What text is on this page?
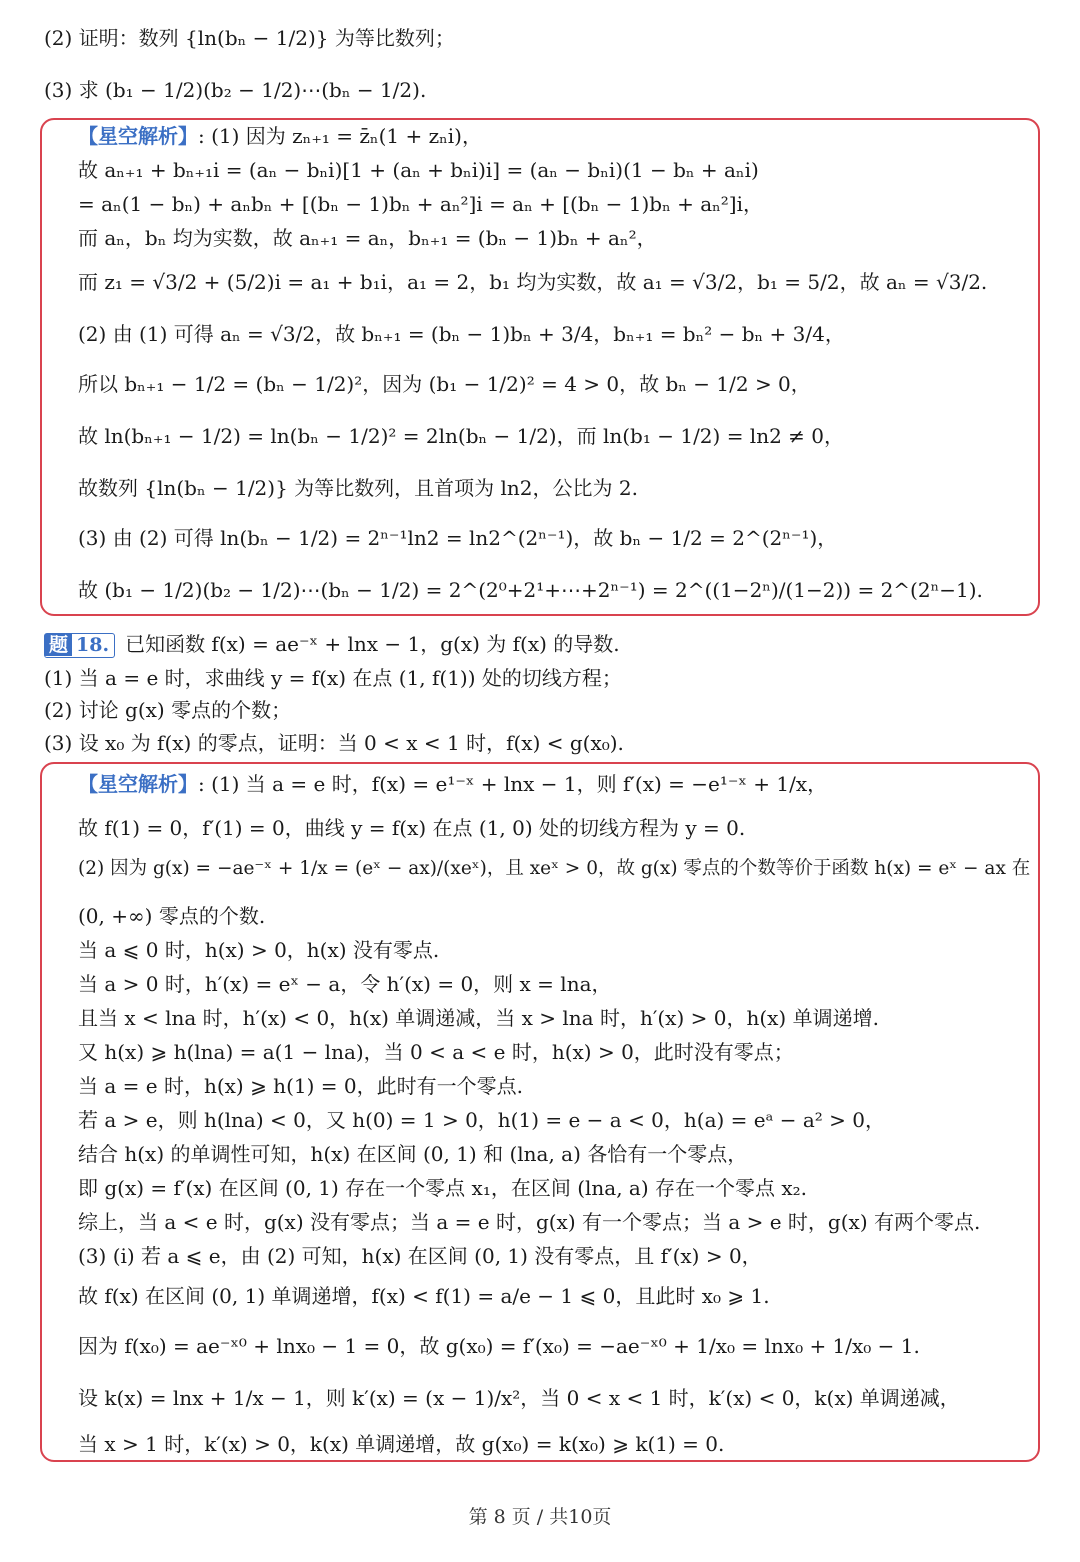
(2) 证明：数列 {ln(bₙ − 1/2)} 为等比数列；
(3) 求 (b₁ − 1/2)(b₂ − 1/2)⋯(bₙ − 1/2).
【星空解析】: (1) 因为 zₙ₊₁ = z̄ₙ(1 + zₙi)，
故 aₙ₊₁ + bₙ₊₁i = (aₙ − bₙi)[1 + (aₙ + bₙi)i] = (aₙ − bₙi)(1 − bₙ + aₙi)
= aₙ(1 − bₙ) + aₙbₙ + [(bₙ − 1)bₙ + aₙ²]i = aₙ + [(bₙ − 1)bₙ + aₙ²]i，
而 aₙ，bₙ 均为实数，故 aₙ₊₁ = aₙ，bₙ₊₁ = (bₙ − 1)bₙ + aₙ²，
而 z₁ = √3/2 + (5/2)i = a₁ + b₁i，a₁ = 2，b₁ 均为实数，故 a₁ = √3/2，b₁ = 5/2，故 aₙ = √3/2.
(2) 由 (1) 可得 aₙ = √3/2，故 bₙ₊₁ = (bₙ − 1)bₙ + 3/4，bₙ₊₁ = bₙ² − bₙ + 3/4，
所以 bₙ₊₁ − 1/2 = (bₙ − 1/2)²，因为 (b₁ − 1/2)² = 4 > 0，故 bₙ − 1/2 > 0，
故 ln(bₙ₊₁ − 1/2) = ln(bₙ − 1/2)² = 2ln(bₙ − 1/2)，而 ln(b₁ − 1/2) = ln2 ≠ 0，
故数列 {ln(bₙ − 1/2)} 为等比数列，且首项为 ln2，公比为 2.
(3) 由 (2) 可得 ln(bₙ − 1/2) = 2ⁿ⁻¹ln2 = ln2^(2ⁿ⁻¹)，故 bₙ − 1/2 = 2^(2ⁿ⁻¹)，
故 (b₁ − 1/2)(b₂ − 1/2)⋯(bₙ − 1/2) = 2^(2⁰+2¹+⋯+2ⁿ⁻¹) = 2^((1−2ⁿ)/(1−2)) = 2^(2ⁿ−1).
题 18. 已知函数 f(x) = ae⁻ˣ + lnx − 1，g(x) 为 f(x) 的导数.
(1) 当 a = e 时，求曲线 y = f(x) 在点 (1, f(1)) 处的切线方程；
(2) 讨论 g(x) 零点的个数；
(3) 设 x₀ 为 f(x) 的零点，证明：当 0 < x < 1 时，f(x) < g(x₀).
【星空解析】: (1) 当 a = e 时，f(x) = e¹⁻ˣ + lnx − 1，则 f′(x) = −e¹⁻ˣ + 1/x，
故 f(1) = 0，f′(1) = 0，曲线 y = f(x) 在点 (1, 0) 处的切线方程为 y = 0.
(2) 因为 g(x) = −ae⁻ˣ + 1/x = (eˣ − ax)/(xeˣ)，且 xeˣ > 0，故 g(x) 零点的个数等价于函数 h(x) = eˣ − ax 在
(0, +∞) 零点的个数.
当 a ⩽ 0 时，h(x) > 0，h(x) 没有零点.
当 a > 0 时，h′(x) = eˣ − a，令 h′(x) = 0，则 x = lna，
且当 x < lna 时，h′(x) < 0，h(x) 单调递减，当 x > lna 时，h′(x) > 0，h(x) 单调递增.
又 h(x) ⩾ h(lna) = a(1 − lna)，当 0 < a < e 时，h(x) > 0，此时没有零点；
当 a = e 时，h(x) ⩾ h(1) = 0，此时有一个零点.
若 a > e，则 h(lna) < 0，又 h(0) = 1 > 0，h(1) = e − a < 0，h(a) = eᵃ − a² > 0，
结合 h(x) 的单调性可知，h(x) 在区间 (0, 1) 和 (lna, a) 各恰有一个零点，
即 g(x) = f′(x) 在区间 (0, 1) 存在一个零点 x₁，在区间 (lna, a) 存在一个零点 x₂.
综上，当 a < e 时，g(x) 没有零点；当 a = e 时，g(x) 有一个零点；当 a > e 时，g(x) 有两个零点.
(3) (i) 若 a ⩽ e，由 (2) 可知，h(x) 在区间 (0, 1) 没有零点，且 f′(x) > 0，
故 f(x) 在区间 (0, 1) 单调递增，f(x) < f(1) = a/e − 1 ⩽ 0，且此时 x₀ ⩾ 1.
因为 f(x₀) = ae⁻ˣ⁰ + lnx₀ − 1 = 0，故 g(x₀) = f′(x₀) = −ae⁻ˣ⁰ + 1/x₀ = lnx₀ + 1/x₀ − 1.
设 k(x) = lnx + 1/x − 1，则 k′(x) = (x − 1)/x²，当 0 < x < 1 时，k′(x) < 0，k(x) 单调递减，
当 x > 1 时，k′(x) > 0，k(x) 单调递增，故 g(x₀) = k(x₀) ⩾ k(1) = 0.
第 8 页 / 共10页
